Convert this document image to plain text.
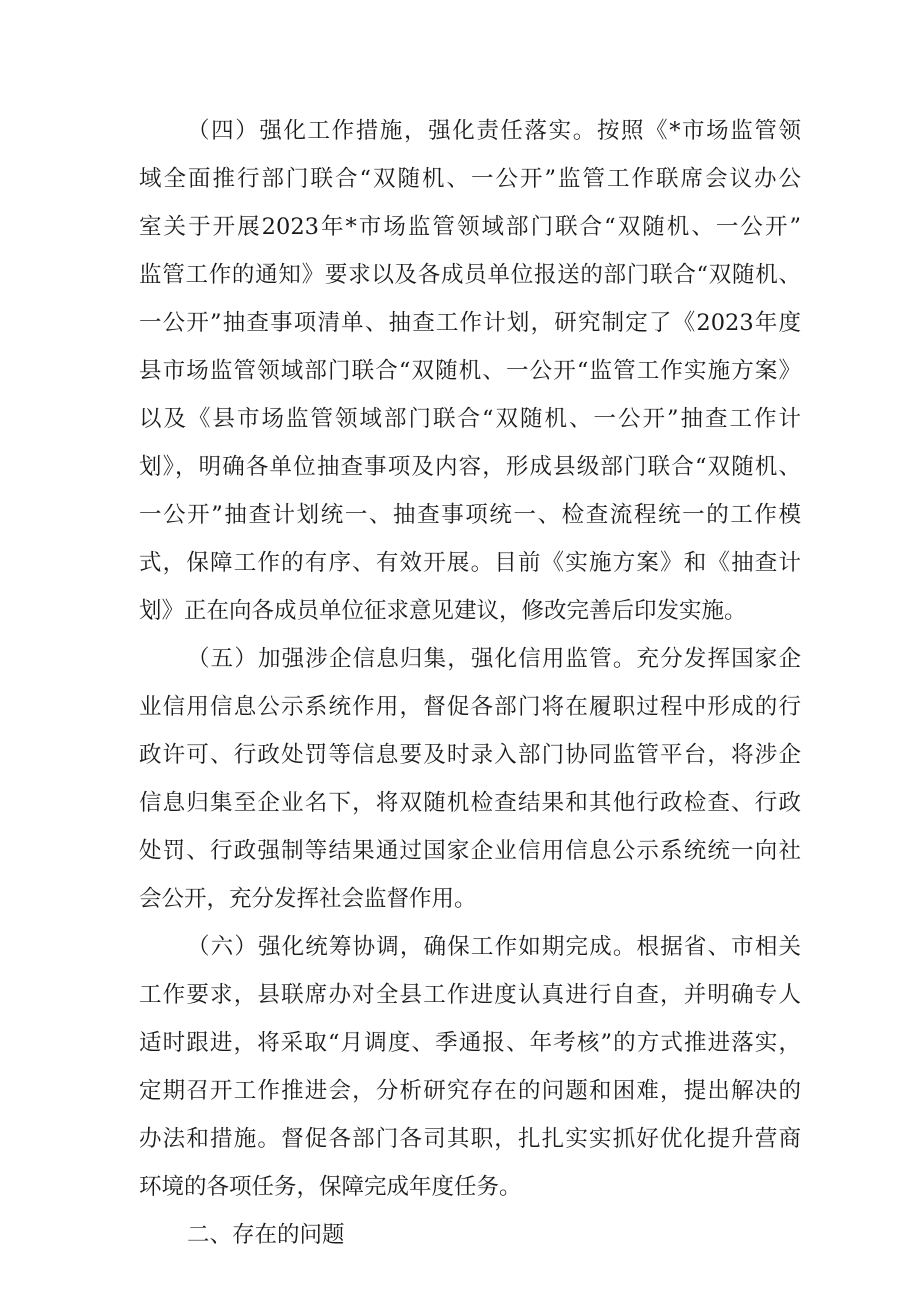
（四）强化工作措施，强化责任落实。按照《*市场监管领
域全面推行部门联合“双随机、一公开”监管工作联席会议办公
室关于开展2023年*市场监管领域部门联合“双随机、一公开”
监管工作的通知》要求以及各成员单位报送的部门联合“双随机、
一公开”抽查事项清单、抽查工作计划，研究制定了《2023年度
县市场监管领域部门联合“双随机、一公开“监管工作实施方案》
以及《县市场监管领域部门联合“双随机、一公开”抽查工作计
划》，明确各单位抽查事项及内容，形成县级部门联合“双随机、
一公开”抽查计划统一、抽查事项统一、检查流程统一的工作模
式，保障工作的有序、有效开展。目前《实施方案》和《抽查计
划》正在向各成员单位征求意见建议，修改完善后印发实施。
（五）加强涉企信息归集，强化信用监管。充分发挥国家企
业信用信息公示系统作用，督促各部门将在履职过程中形成的行
政许可、行政处罚等信息要及时录入部门协同监管平台，将涉企
信息归集至企业名下，将双随机检查结果和其他行政检查、行政
处罚、行政强制等结果通过国家企业信用信息公示系统统一向社
会公开，充分发挥社会监督作用。
（六）强化统筹协调，确保工作如期完成。根据省、市相关
工作要求，县联席办对全县工作进度认真进行自查，并明确专人
适时跟进，将采取“月调度、季通报、年考核”的方式推进落实，
定期召开工作推进会，分析研究存在的问题和困难，提出解决的
办法和措施。督促各部门各司其职，扎扎实实抓好优化提升营商
环境的各项任务，保障完成年度任务。
二、存在的问题
